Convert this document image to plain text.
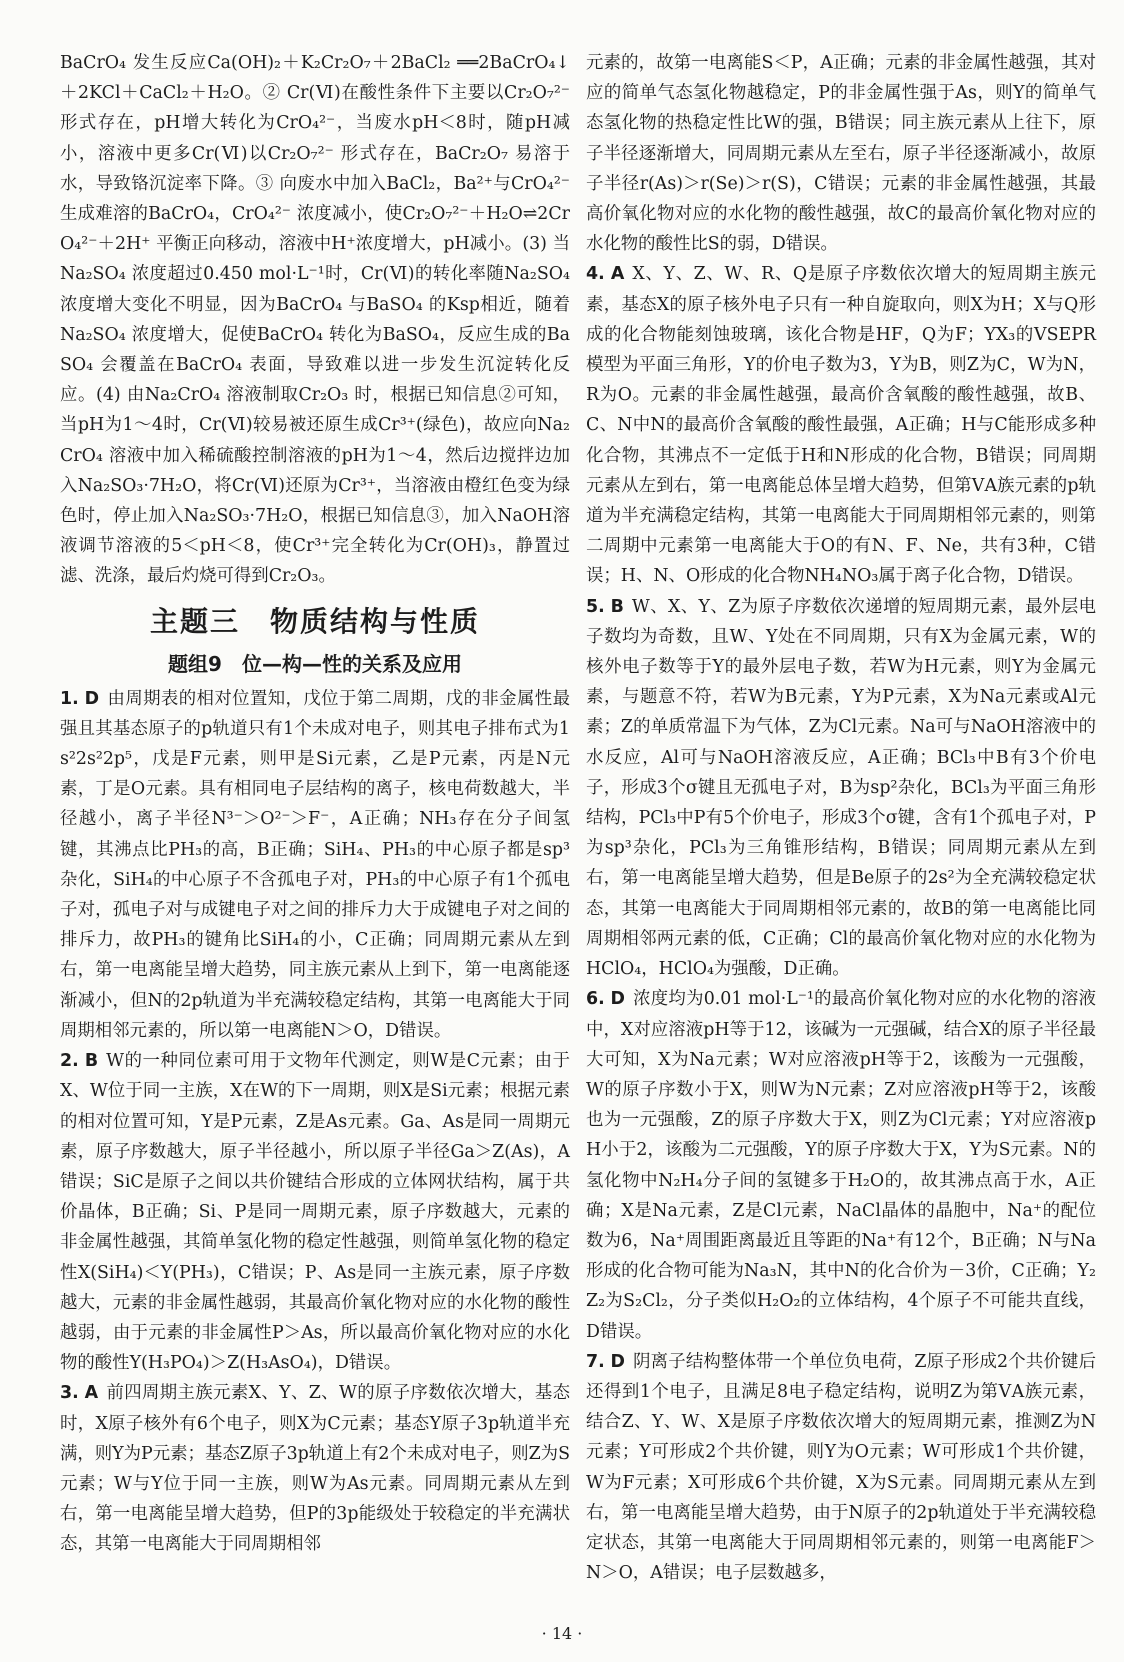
BaCrO₄ 发生反应Ca(OH)₂＋K₂Cr₂O₇＋2BaCl₂ ══2BaCrO₄↓＋2KCl＋CaCl₂＋H₂O。② Cr(Ⅵ)在酸性条件下主要以Cr₂O₇²⁻ 形式存在，pH增大转化为CrO₄²⁻，当废水pH＜8时，随pH减小，溶液中更多Cr(Ⅵ)以Cr₂O₇²⁻ 形式存在，BaCr₂O₇ 易溶于水，导致铬沉淀率下降。③ 向废水中加入BaCl₂，Ba²⁺与CrO₄²⁻ 生成难溶的BaCrO₄，CrO₄²⁻ 浓度减小，使Cr₂O₇²⁻＋H₂O⇌2CrO₄²⁻＋2H⁺ 平衡正向移动，溶液中H⁺浓度增大，pH减小。(3) 当Na₂SO₄ 浓度超过0.450 mol·L⁻¹时，Cr(Ⅵ)的转化率随Na₂SO₄ 浓度增大变化不明显，因为BaCrO₄ 与BaSO₄ 的Ksp相近，随着Na₂SO₄ 浓度增大，促使BaCrO₄ 转化为BaSO₄，反应生成的BaSO₄ 会覆盖在BaCrO₄ 表面，导致难以进一步发生沉淀转化反应。(4) 由Na₂CrO₄ 溶液制取Cr₂O₃ 时，根据已知信息②可知，当pH为1～4时，Cr(Ⅵ)较易被还原生成Cr³⁺(绿色)，故应向Na₂CrO₄ 溶液中加入稀硫酸控制溶液的pH为1～4，然后边搅拌边加入Na₂SO₃·7H₂O，将Cr(Ⅵ)还原为Cr³⁺，当溶液由橙红色变为绿色时，停止加入Na₂SO₃·7H₂O，根据已知信息③，加入NaOH溶液调节溶液的5＜pH＜8，使Cr³⁺完全转化为Cr(OH)₃，静置过滤、洗涤，最后灼烧可得到Cr₂O₃。

主题三　物质结构与性质
题组9　位—构—性的关系及应用

1. D 由周期表的相对位置知，戊位于第二周期，戊的非金属性最强且其基态原子的p轨道只有1个未成对电子，则其电子排布式为1s²2s²2p⁵，戊是F元素，则甲是Si元素，乙是P元素，丙是N元素，丁是O元素。具有相同电子层结构的离子，核电荷数越大，半径越小，离子半径N³⁻＞O²⁻＞F⁻，A正确；NH₃存在分子间氢键，其沸点比PH₃的高，B正确；SiH₄、PH₃的中心原子都是sp³杂化，SiH₄的中心原子不含孤电子对，PH₃的中心原子有1个孤电子对，孤电子对与成键电子对之间的排斥力大于成键电子对之间的排斥力，故PH₃的键角比SiH₄的小，C正确；同周期元素从左到右，第一电离能呈增大趋势，同主族元素从上到下，第一电离能逐渐减小，但N的2p轨道为半充满较稳定结构，其第一电离能大于同周期相邻元素的，所以第一电离能N＞O，D错误。

2. B W的一种同位素可用于文物年代测定，则W是C元素；由于X、W位于同一主族，X在W的下一周期，则X是Si元素；根据元素的相对位置可知，Y是P元素，Z是As元素。Ga、As是同一周期元素，原子序数越大，原子半径越小，所以原子半径Ga＞Z(As)，A错误；SiC是原子之间以共价键结合形成的立体网状结构，属于共价晶体，B正确；Si、P是同一周期元素，原子序数越大，元素的非金属性越强，其简单氢化物的稳定性越强，则简单氢化物的稳定性X(SiH₄)＜Y(PH₃)，C错误；P、As是同一主族元素，原子序数越大，元素的非金属性越弱，其最高价氧化物对应的水化物的酸性越弱，由于元素的非金属性P＞As，所以最高价氧化物对应的水化物的酸性Y(H₃PO₄)＞Z(H₃AsO₄)，D错误。

3. A 前四周期主族元素X、Y、Z、W的原子序数依次增大，基态时，X原子核外有6个电子，则X为C元素；基态Y原子3p轨道半充满，则Y为P元素；基态Z原子3p轨道上有2个未成对电子，则Z为S元素；W与Y位于同一主族，则W为As元素。同周期元素从左到右，第一电离能呈增大趋势，但P的3p能级处于较稳定的半充满状态，其第一电离能大于同周期相邻

元素的，故第一电离能S＜P，A正确；元素的非金属性越强，其对应的简单气态氢化物越稳定，P的非金属性强于As，则Y的简单气态氢化物的热稳定性比W的强，B错误；同主族元素从上往下，原子半径逐渐增大，同周期元素从左至右，原子半径逐渐减小，故原子半径r(As)＞r(Se)＞r(S)，C错误；元素的非金属性越强，其最高价氧化物对应的水化物的酸性越强，故C的最高价氧化物对应的水化物的酸性比S的弱，D错误。

4. A X、Y、Z、W、R、Q是原子序数依次增大的短周期主族元素，基态X的原子核外电子只有一种自旋取向，则X为H；X与Q形成的化合物能刻蚀玻璃，该化合物是HF，Q为F；YX₃的VSEPR模型为平面三角形，Y的价电子数为3，Y为B，则Z为C，W为N，R为O。元素的非金属性越强，最高价含氧酸的酸性越强，故B、C、N中N的最高价含氧酸的酸性最强，A正确；H与C能形成多种化合物，其沸点不一定低于H和N形成的化合物，B错误；同周期元素从左到右，第一电离能总体呈增大趋势，但第ⅤA族元素的p轨道为半充满稳定结构，其第一电离能大于同周期相邻元素的，则第二周期中元素第一电离能大于O的有N、F、Ne，共有3种，C错误；H、N、O形成的化合物NH₄NO₃属于离子化合物，D错误。

5. B W、X、Y、Z为原子序数依次递增的短周期元素，最外层电子数均为奇数，且W、Y处在不同周期，只有X为金属元素，W的核外电子数等于Y的最外层电子数，若W为H元素，则Y为金属元素，与题意不符，若W为B元素，Y为P元素，X为Na元素或Al元素；Z的单质常温下为气体，Z为Cl元素。Na可与NaOH溶液中的水反应，Al可与NaOH溶液反应，A正确；BCl₃中B有3个价电子，形成3个σ键且无孤电子对，B为sp²杂化，BCl₃为平面三角形结构，PCl₃中P有5个价电子，形成3个σ键，含有1个孤电子对，P为sp³杂化，PCl₃为三角锥形结构，B错误；同周期元素从左到右，第一电离能呈增大趋势，但是Be原子的2s²为全充满较稳定状态，其第一电离能大于同周期相邻元素的，故B的第一电离能比同周期相邻两元素的低，C正确；Cl的最高价氧化物对应的水化物为HClO₄，HClO₄为强酸，D正确。

6. D 浓度均为0.01 mol·L⁻¹的最高价氧化物对应的水化物的溶液中，X对应溶液pH等于12，该碱为一元强碱，结合X的原子半径最大可知，X为Na元素；W对应溶液pH等于2，该酸为一元强酸，W的原子序数小于X，则W为N元素；Z对应溶液pH等于2，该酸也为一元强酸，Z的原子序数大于X，则Z为Cl元素；Y对应溶液pH小于2，该酸为二元强酸，Y的原子序数大于X，Y为S元素。N的氢化物中N₂H₄分子间的氢键多于H₂O的，故其沸点高于水，A正确；X是Na元素，Z是Cl元素，NaCl晶体的晶胞中，Na⁺的配位数为6，Na⁺周围距离最近且等距的Na⁺有12个，B正确；N与Na形成的化合物可能为Na₃N，其中N的化合价为－3价，C正确；Y₂Z₂为S₂Cl₂，分子类似H₂O₂的立体结构，4个原子不可能共直线，D错误。

7. D 阴离子结构整体带一个单位负电荷，Z原子形成2个共价键后还得到1个电子，且满足8电子稳定结构，说明Z为第ⅤA族元素，结合Z、Y、W、X是原子序数依次增大的短周期元素，推测Z为N元素；Y可形成2个共价键，则Y为O元素；W可形成1个共价键，W为F元素；X可形成6个共价键，X为S元素。同周期元素从左到右，第一电离能呈增大趋势，由于N原子的2p轨道处于半充满较稳定状态，其第一电离能大于同周期相邻元素的，则第一电离能F＞N＞O，A错误；电子层数越多，

· 14 ·
